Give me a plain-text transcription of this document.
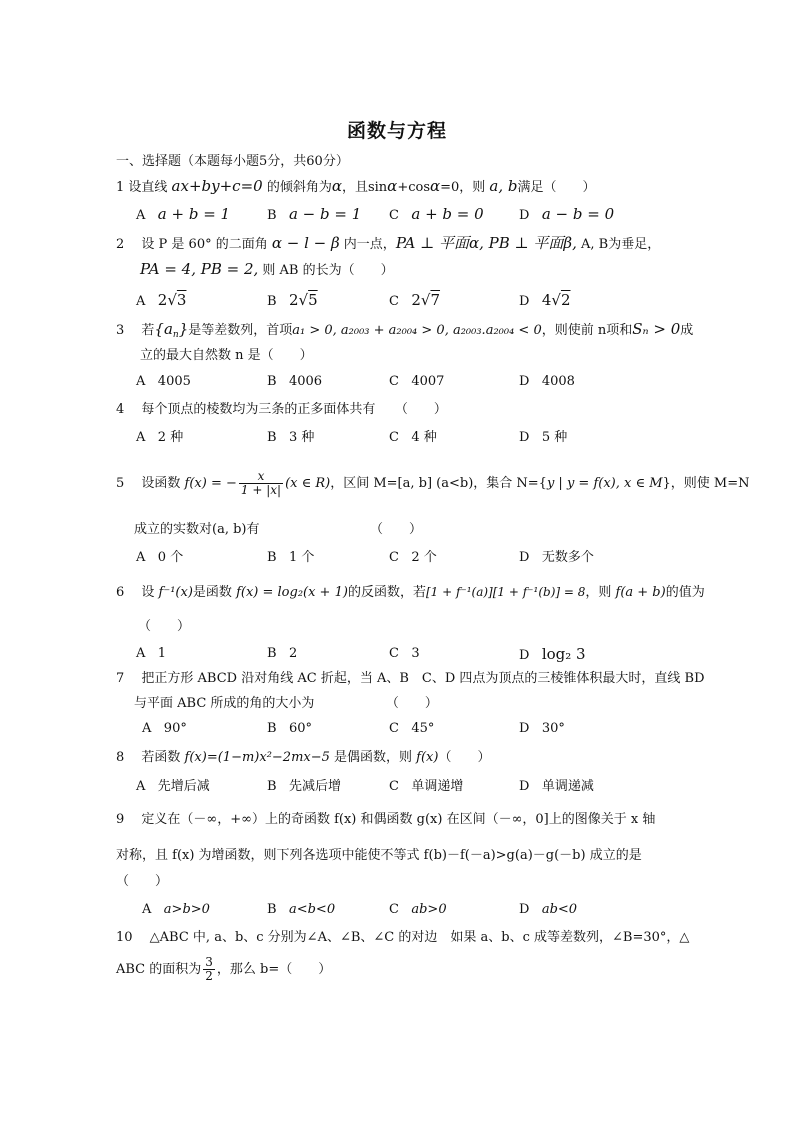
函数与方程
一、选择题（本题每小题5分，共60分）
1 设直线 ax+by+c=0 的倾斜角为α，且sinα+cosα=0，则 a, b满足（　　）
A a + b = 1	B a − b = 1 C a + b = 0	D a − b = 0
2　 设 P 是 60° 的二面角 α − l − β 内一点，PA ⊥ 平面α, PB ⊥ 平面β, A, B为垂足，
PA = 4, PB = 2, 则 AB 的长为（　　）
A 2√3	B 2√5	C 2√7	D 4√2
3　 若$\{a_n\}$是等差数列，首项a₁ > 0, a₂₀₀₃ + a₂₀₀₄ > 0, a₂₀₀₃.a₂₀₀₄ < 0，则使前 n项和Sₙ > 0成
立的最大自然数 n 是（　　）
A 4005	B 4006	C 4007	D 4008
4　 每个顶点的棱数均为三条的正多面体共有　　（　　）
A 2 种	B 3 种	C 4 种	D 5 种
5　 设函数 f(x) = − $\frac{x}{1 + |x|} (x$ ∈ R)，区间 M=[a, b] (a<b)，集合 N={y | y = f(x), x ∈ M}，则使 M=N
成立的实数对(a, b)有　　　　　　　　　（　　）
A 0 个	B 1 个	C 2 个	D 无数多个
6　 设 f⁻¹(x)是函数 f(x) = log₂(x + 1)的反函数，若[1 + f⁻¹(a)][1 + f⁻¹(b)] = 8，则 f(a + b)的值为
（　　）
A 1	B 2	C 3	D log₂ 3
7　 把正方形 ABCD 沿对角线 AC 折起，当 A、B　C、D 四点为顶点的三棱锥体积最大时，直线 BD
与平面 ABC 所成的角的大小为　　　　　　（　　）
A 90°	B 60°	C 45°	D 30°
8　 若函数 f(x)=(1−m)x²−2mx−5 是偶函数，则 f(x)（　　）
A 先增后减	B 先减后增	C 单调递增	D 单调递减
9　 定义在（－∞，+∞）上的奇函数 f(x) 和偶函数 g(x) 在区间（－∞，0]上的图像关于 x 轴
对称，且 f(x) 为增函数，则下列各选项中能使不等式 f(b)－f(－a)>g(a)－g(－b) 成立的是
（　　）
A a>b>0	B a<b<0	C ab>0	D ab<0
10　 △ABC 中, a、b、c 分别为∠A、∠B、∠C 的对边　如果 a、b、c 成等差数列，∠B=30°，△
ABC 的面积为 $\frac{3}{2}$ ，那么 b=（　　）
